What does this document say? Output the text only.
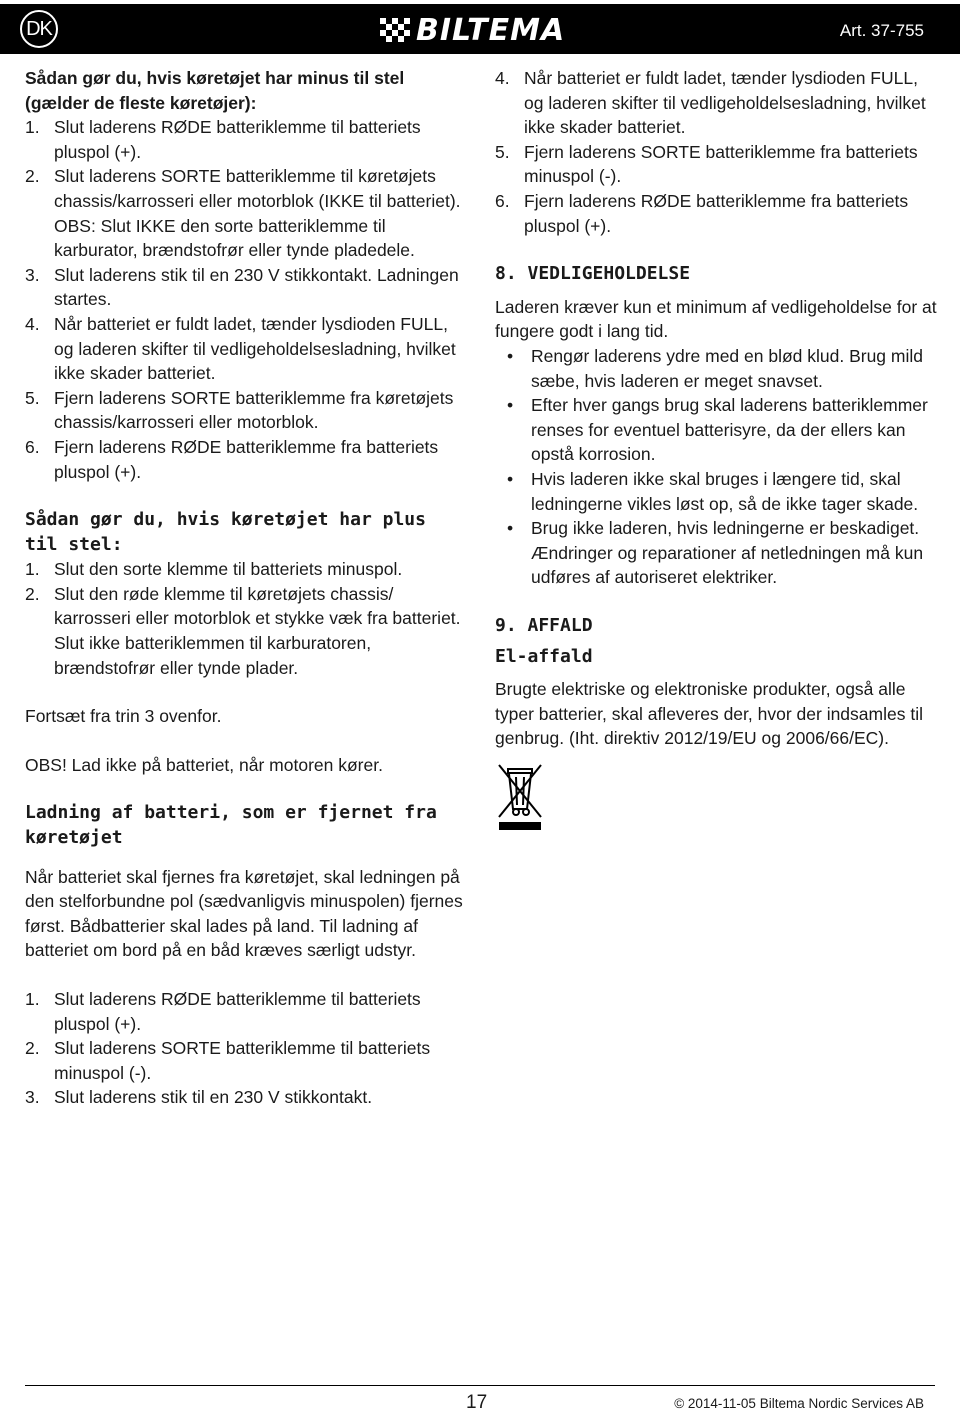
DK	BILTEMA	Art. 37-755

Sådan gør du, hvis køretøjet har minus til stel (gælder de fleste køretøjer):

1. Slut laderens RØDE batteriklemme til batteriets pluspol (+).
2. Slut laderens SORTE batteriklemme til køretøjets chassis/karrosseri eller motorblok (IKKE til batteriet). OBS: Slut IKKE den sorte batteriklemme til karburator, brændstofrør eller tynde pladedele.
3. Slut laderens stik til en 230 V stikkontakt. Ladningen startes.
4. Når batteriet er fuldt ladet, tænder lysdioden FULL, og laderen skifter til vedligeholdelsesladning, hvilket ikke skader batteriet.
5. Fjern laderens SORTE batteriklemme fra køretøjets chassis/karrosseri eller motorblok.
6. Fjern laderens RØDE batteriklemme fra batteriets pluspol (+).

Sådan gør du, hvis køretøjet har plus til stel:

1. Slut den sorte klemme til batteriets minuspol.
2. Slut den røde klemme til køretøjets chassis/ karrosseri eller motorblok et stykke væk fra batteriet. Slut ikke batteriklemmen til karburatoren, brændstofrør eller tynde plader.

Fortsæt fra trin 3 ovenfor.

OBS! Lad ikke på batteriet, når motoren kører.

Ladning af batteri, som er fjernet fra køretøjet

Når batteriet skal fjernes fra køretøjet, skal ledningen på den stelforbundne pol (sædvanligvis minuspolen) fjernes først. Bådbatterier skal lades på land. Til ladning af batteriet om bord på en båd kræves særligt udstyr.

1. Slut laderens RØDE batteriklemme til batteriets pluspol (+).
2. Slut laderens SORTE batteriklemme til batteriets minuspol (-).
3. Slut laderens stik til en 230 V stikkontakt.
4. Når batteriet er fuldt ladet, tænder lysdioden FULL, og laderen skifter til vedligeholdelsesladning, hvilket ikke skader batteriet.
5. Fjern laderens SORTE batteriklemme fra batteriets minuspol (-).
6. Fjern laderens RØDE batteriklemme fra batteriets pluspol (+).

8. VEDLIGEHOLDELSE

Laderen kræver kun et minimum af vedligeholdelse for at fungere godt i lang tid.

• Rengør laderens ydre med en blød klud. Brug mild sæbe, hvis laderen er meget snavset.
• Efter hver gangs brug skal laderens batteriklemmer renses for eventuel batterisyre, da der ellers kan opstå korrosion.
• Hvis laderen ikke skal bruges i længere tid, skal ledningerne vikles løst op, så de ikke tager skade.
• Brug ikke laderen, hvis ledningerne er beskadiget. Ændringer og reparationer af netledningen må kun udføres af autoriseret elektriker.

9. AFFALD

El-affald

Brugte elektriske og elektroniske produkter, også alle typer batterier, skal afleveres der, hvor der indsamles til genbrug. (Iht. direktiv 2012/19/EU og 2006/66/EC).

17	© 2014-11-05 Biltema Nordic Services AB
